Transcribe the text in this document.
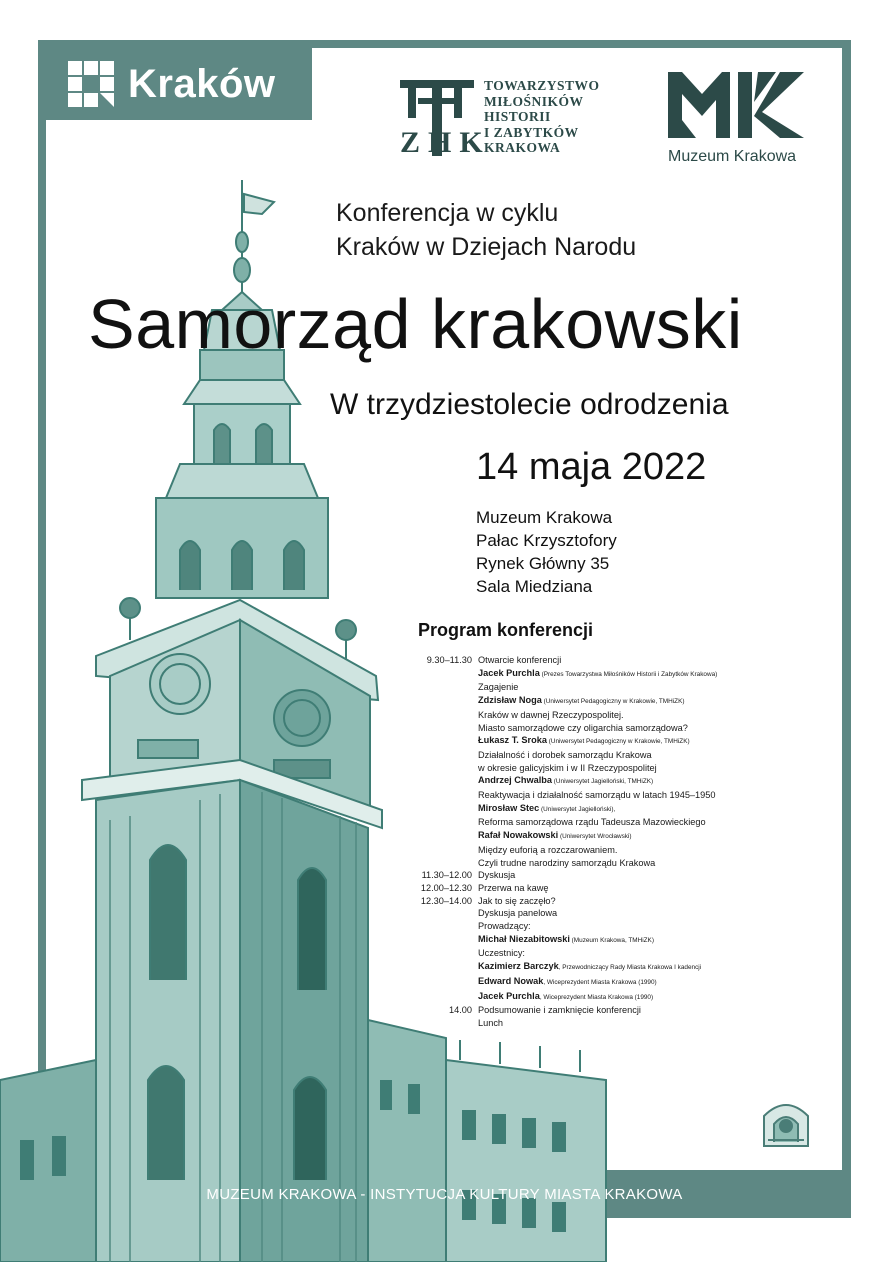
Kraków
ZHK
TOWARZYSTWO
MIŁOŚNIKÓW
HISTORII
I ZABYTKÓW
KRAKOWA
Muzeum Krakowa
Konferencja w cyklu
Kraków w Dziejach Narodu
Samorząd krakowski
W trzydziestolecie odrodzenia
14 maja 2022
Muzeum Krakowa
Pałac Krzysztofory
Rynek Główny 35
Sala Miedziana
Program konferencji
9.30–11.30 Otwarcie konferencji
Jacek Purchla (Prezes Towarzystwa Miłośników Historii i Zabytków Krakowa)
Zagajenie
Zdzisław Noga (Uniwersytet Pedagogiczny w Krakowie, TMHiZK)
Kraków w dawnej Rzeczypospolitej.
Miasto samorządowe czy oligarchia samorządowa?
Łukasz T. Sroka (Uniwersytet Pedagogiczny w Krakowie, TMHiZK)
Działalność i dorobek samorządu Krakowa
w okresie galicyjskim i w II Rzeczypospolitej
Andrzej Chwalba (Uniwersytet Jagielloński, TMHiZK)
Reaktywacja i działalność samorządu w latach 1945–1950
Mirosław Stec (Uniwersytet Jagielloński),
Reforma samorządowa rządu Tadeusza Mazowieckiego
Rafał Nowakowski (Uniwersytet Wrocławski)
Między euforią a rozczarowaniem.
Czyli trudne narodziny samorządu Krakowa
11.30–12.00 Dyskusja
12.00–12.30 Przerwa na kawę
12.30–14.00 Jak to się zaczęło?
Dyskusja panelowa
Prowadzący:
Michał Niezabitowski (Muzeum Krakowa, TMHiZK)
Uczestnicy:
Kazimierz Barczyk, Przewodniczący Rady Miasta Krakowa I kadencji
Edward Nowak, Wiceprezydent Miasta Krakowa (1990)
Jacek Purchla, Wiceprezydent Miasta Krakowa (1990)
14.00 Podsumowanie i zamknięcie konferencji
Lunch
MUZEUM KRAKOWA - INSTYTUCJA KULTURY MIASTA KRAKOWA
